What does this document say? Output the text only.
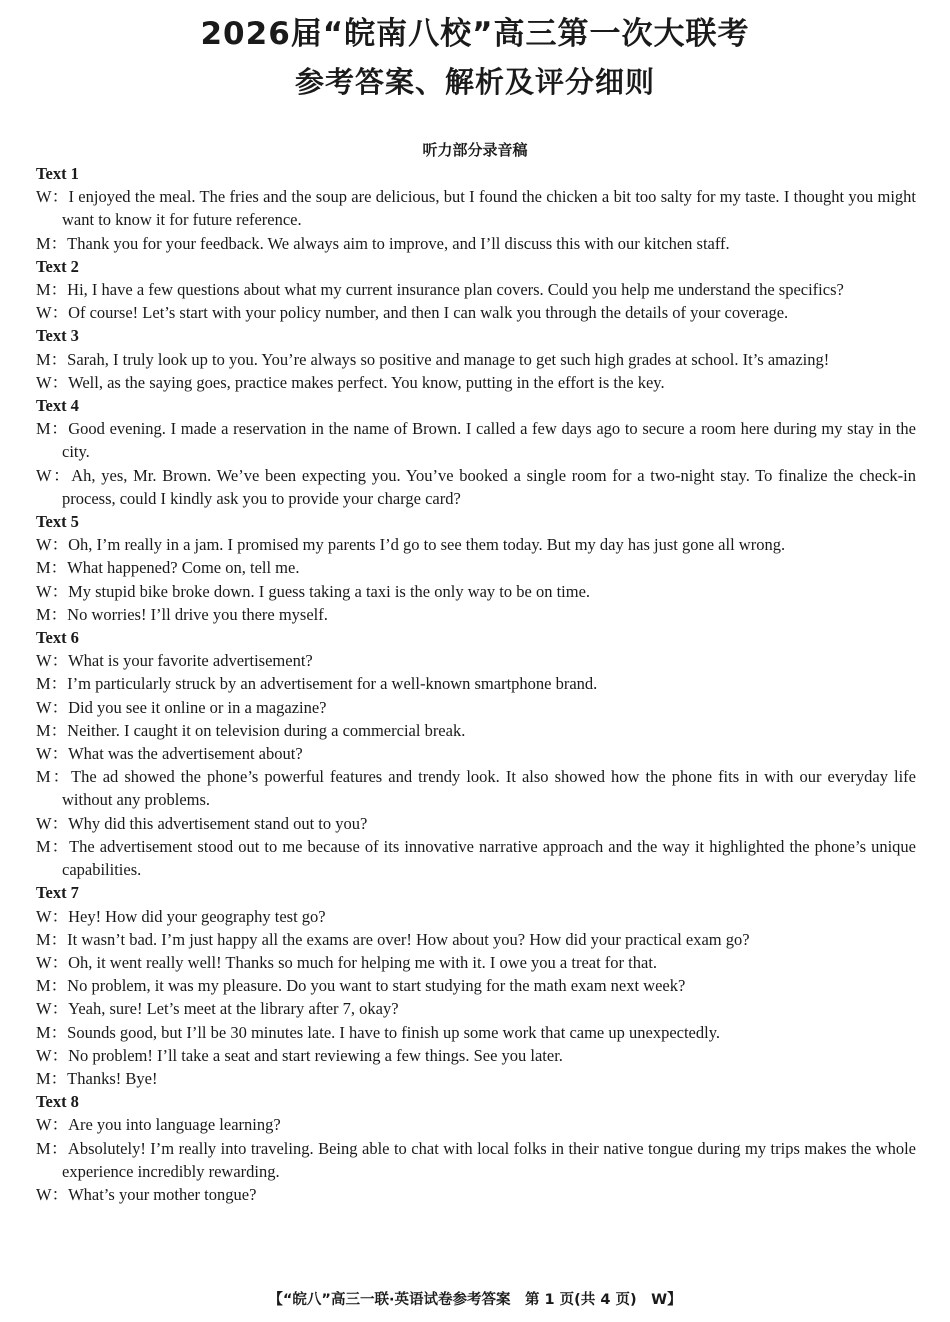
2026届“皖南八校”高三第一次大联考
参考答案、解析及评分细则
听力部分录音稿

Text 1

W：I enjoyed the meal. The fries and the soup are delicious, but I found the chicken a bit too salty for my taste. I thought you might want to know it for future reference.

M：Thank you for your feedback. We always aim to improve, and I’ll discuss this with our kitchen staff.

Text 2

M：Hi, I have a few questions about what my current insurance plan covers. Could you help me understand the specifics?

W：Of course! Let’s start with your policy number, and then I can walk you through the details of your coverage.

Text 3

M：Sarah, I truly look up to you. You’re always so positive and manage to get such high grades at school. It’s amazing!

W：Well, as the saying goes, practice makes perfect. You know, putting in the effort is the key.

Text 4

M：Good evening. I made a reservation in the name of Brown. I called a few days ago to secure a room here during my stay in the city.

W：Ah, yes, Mr. Brown. We’ve been expecting you. You’ve booked a single room for a two-night stay. To finalize the check-in process, could I kindly ask you to provide your charge card?

Text 5

W：Oh, I’m really in a jam. I promised my parents I’d go to see them today. But my day has just gone all wrong.

M：What happened? Come on, tell me.

W：My stupid bike broke down. I guess taking a taxi is the only way to be on time.

M：No worries! I’ll drive you there myself.

Text 6

W：What is your favorite advertisement?

M：I’m particularly struck by an advertisement for a well-known smartphone brand.

W：Did you see it online or in a magazine?

M：Neither. I caught it on television during a commercial break.

W：What was the advertisement about?

M：The ad showed the phone’s powerful features and trendy look. It also showed how the phone fits in with our everyday life without any problems.

W：Why did this advertisement stand out to you?

M：The advertisement stood out to me because of its innovative narrative approach and the way it highlighted the phone’s unique capabilities.

Text 7

W：Hey! How did your geography test go?

M：It wasn’t bad. I’m just happy all the exams are over! How about you? How did your practical exam go?

W：Oh, it went really well! Thanks so much for helping me with it. I owe you a treat for that.

M：No problem, it was my pleasure. Do you want to start studying for the math exam next week?

W：Yeah, sure! Let’s meet at the library after 7, okay?

M：Sounds good, but I’ll be 30 minutes late. I have to finish up some work that came up unexpectedly.

W：No problem! I’ll take a seat and start reviewing a few things. See you later.

M：Thanks! Bye!

Text 8

W：Are you into language learning?

M：Absolutely! I’m really into traveling. Being able to chat with local folks in their native tongue during my trips makes the whole experience incredibly rewarding.

W：What’s your mother tongue?

【“皖八”高三一联·英语试卷参考答案　第 1 页(共 4 页)　W】
